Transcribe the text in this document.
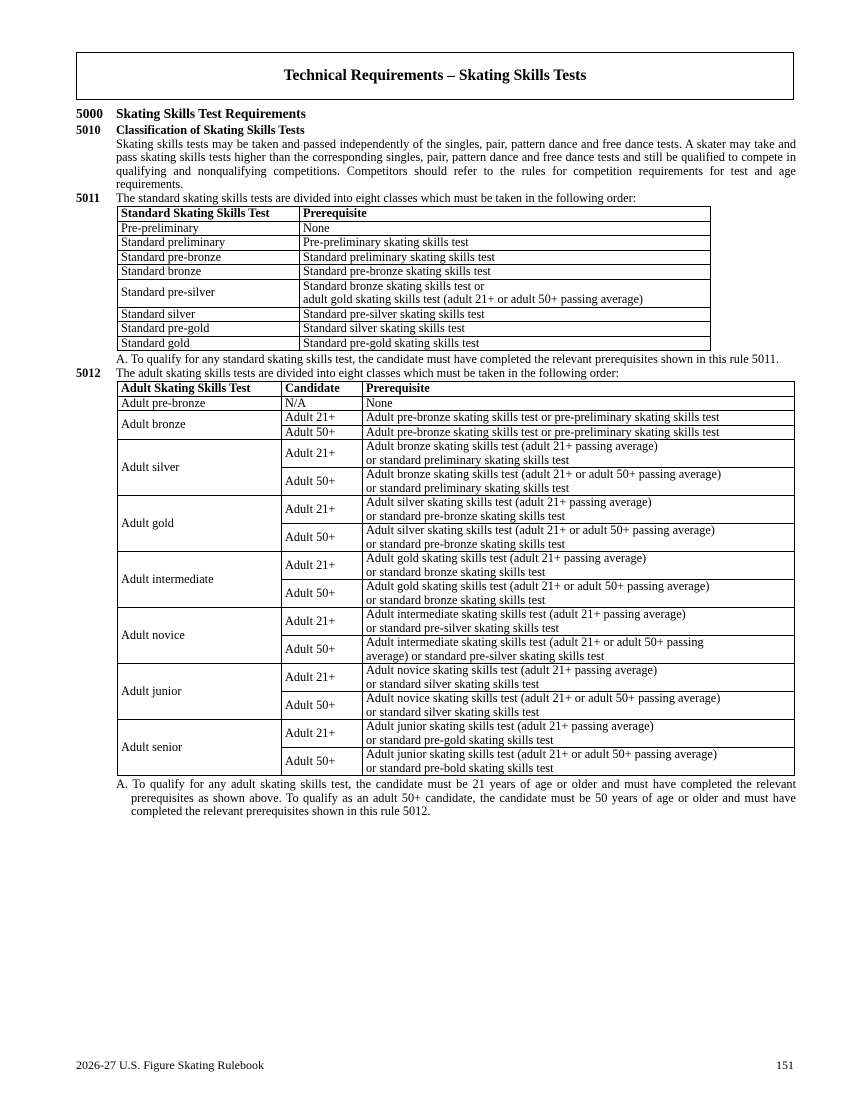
Technical Requirements – Skating Skills Tests
5000 Skating Skills Test Requirements
5010	Classification of Skating Skills Tests
Skating skills tests may be taken and passed independently of the singles, pair, pattern dance and free dance tests. A skater may take and pass skating skills tests higher than the corresponding singles, pair, pattern dance and free dance tests and still be qualified to compete in qualifying and nonqualifying competitions. Competitors should refer to the rules for competition requirements for test and age requirements.
5011	The standard skating skills tests are divided into eight classes which must be taken in the following order:
Standard Skating Skills Test	Prerequisite
Pre-preliminary	None
Standard preliminary	Pre-preliminary skating skills test
Standard pre-bronze	Standard preliminary skating skills test
Standard bronze	Standard pre-bronze skating skills test
Standard pre-silver	Standard bronze skating skills test or
adult gold skating skills test (adult 21+ or adult 50+ passing average)

Standard silver	Standard pre-silver skating skills test
Standard pre-gold	Standard silver skating skills test
Standard gold	Standard pre-gold skating skills test
A. To qualify for any standard skating skills test, the candidate must have completed the relevant prerequisites shown in this rule 5011.
5012	The adult skating skills tests are divided into eight classes which must be taken in the following order:
Adult Skating Skills Test	Candidate	Prerequisite
Adult pre-bronze	N/A	None
Adult bronze	Adult 21+	Adult pre-bronze skating skills test or pre-preliminary skating skills test

	Adult 50+	Adult pre-bronze skating skills test or pre-preliminary skating skills test

Adult silver	Adult 21+	Adult bronze skating skills test (adult 21+ passing average)
or standard preliminary skating skills test

	Adult 50+	Adult bronze skating skills test (adult 21+ or adult 50+ passing average)
or standard preliminary skating skills test

Adult gold	Adult 21+	Adult silver skating skills test (adult 21+ passing average)
or standard pre-bronze skating skills test

	Adult 50+	Adult silver skating skills test (adult 21+ or adult 50+ passing average)
or standard pre-bronze skating skills test

Adult intermediate	Adult 21+	Adult gold skating skills test (adult 21+ passing average)
or standard bronze skating skills test

	Adult 50+	Adult gold skating skills test (adult 21+ or adult 50+ passing average)
or standard bronze skating skills test

Adult novice	Adult 21+	Adult intermediate skating skills test (adult 21+ passing average)
or standard pre-silver skating skills test

	Adult 50+	Adult intermediate skating skills test (adult 21+ or adult 50+ passing
average) or standard pre-silver skating skills test

Adult junior	Adult 21+	Adult novice skating skills test (adult 21+ passing average)
or standard silver skating skills test

	Adult 50+	Adult novice skating skills test (adult 21+ or adult 50+ passing average)
or standard silver skating skills test

Adult senior	Adult 21+	Adult junior skating skills test (adult 21+ passing average)
or standard pre-gold skating skills test

	Adult 50+	Adult junior skating skills test (adult 21+ or adult 50+ passing average)
or standard pre-bold skating skills test
A. To qualify for any adult skating skills test, the candidate must be 21 years of age or older and must have completed the relevant prerequisites as shown above. To qualify as an adult 50+ candidate, the candidate must be 50 years of age or older and must have completed the relevant prerequisites shown in this rule 5012.
2026-27 U.S. Figure Skating Rulebook	151
